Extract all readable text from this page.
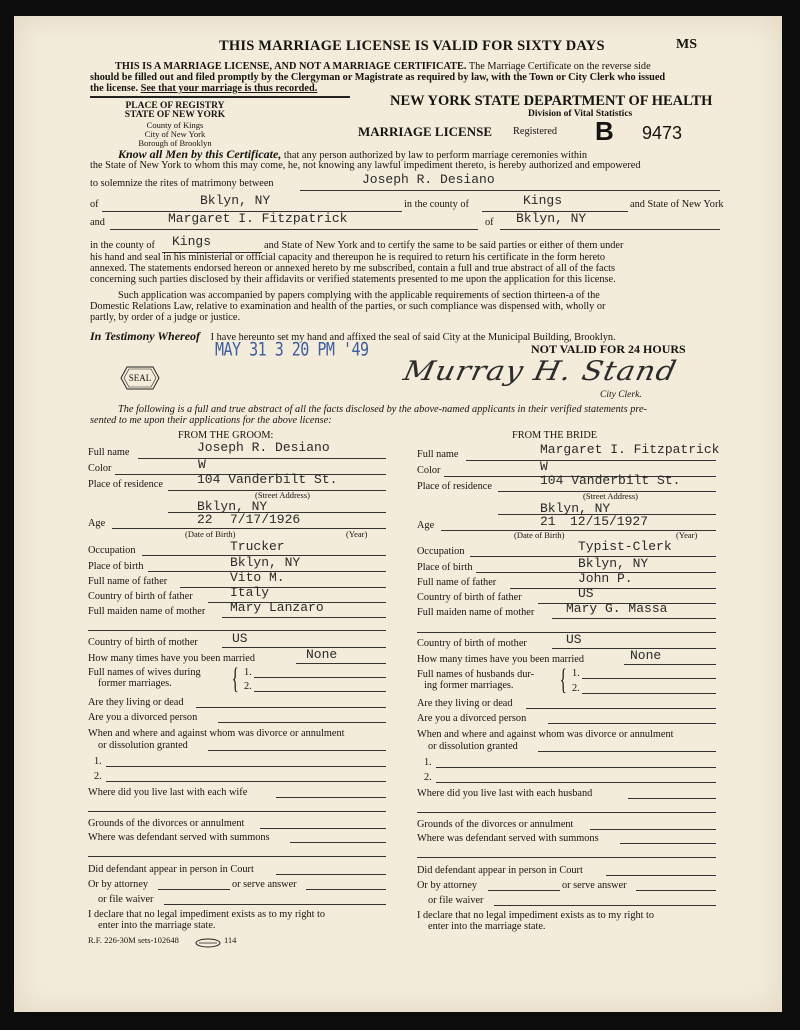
THIS MARRIAGE LICENSE IS VALID FOR SIXTY DAYS	MS
THIS IS A MARRIAGE LICENSE, AND NOT A MARRIAGE CERTIFICATE. The Marriage Certificate on the reverse side
should be filled out and filed promptly by the Clergyman or Magistrate as required by law, with the Town or City Clerk who issued
the license. See that your marriage is thus recorded.
PLACE OF REGISTRY
STATE OF NEW YORK
County of Kings
City of New York
Borough of Brooklyn
NEW YORK STATE DEPARTMENT OF HEALTH
Division of Vital Statistics
MARRIAGE LICENSE Registered B 9473
Know all Men by this Certificate, that any person authorized by law to perform marriage ceremonies within
the State of New York to whom this may come, he, not knowing any lawful impediment thereto, is hereby authorized and empowered
to solemnize the rites of matrimony between	Joseph R. Desiano
of	Bklyn, NY	in the county of	Kings	and State of New York
and	Margaret I. Fitzpatrick	of Bklyn, NY
in the county of Kings	and State of New York and to certify the same to be said parties or either of them under
his hand and seal in his ministerial or official capacity and thereupon he is required to return his certificate in the form hereto
annexed. The statements endorsed hereon or annexed hereto by me subscribed, contain a full and true abstract of all of the facts
concerning such parties disclosed by their affidavits or verified statements presented to me upon the application for this license.
Such application was accompanied by papers complying with the applicable requirements of section thirteen-a of the
Domestic Relations Law, relative to examination and health of the parties, or such compliance was dispensed with, wholly or
partly, by order of a judge or justice.
In Testimony Whereof I have hereunto set my hand and affixed the seal of said City at the Municipal Building, Brooklyn.
NOT VALID FOR 24 HOURS
MAY 31 3 20 PM '49
SEAL	Murray H. Stand
City Clerk.
The following is a full and true abstract of all the facts disclosed by the above-named applicants in their verified statements pre-
sented to me upon their applications for the above license:
FROM THE GROOM:
Full name	Joseph R. Desiano
Color	W
Place of residence	104 Vanderbilt St.
(Street Address)
Bklyn, NY
Age	22 7/17/1926
(Date of Birth)	(Year)
Occupation	Trucker
Place of birth	Bklyn, NY
Full name of father	Vito M.
Country of birth of father	Italy
Full maiden name of mother Mary Lanzaro
Country of birth of mother	US
How many times have you been married	None
Full names of wives during
former marriages. { 1.
2.
Are they living or dead
Are you a divorced person
When and where and against whom was divorce or annulment
or dissolution granted
1.
2.
Where did you live last with each wife
Grounds of the divorces or annulment
Where was defendant served with summons
Did defendant appear in person in Court
Or by attorney	or serve answer
or file waiver
I declare that no legal impediment exists as to my right to
enter into the marriage state.
FROM THE BRIDE
Full name	Margaret I. Fitzpatrick
Color	W
Place of residence	104 Vanderbilt St.
(Street Address)
Bklyn, NY
Age	21 12/15/1927
(Date of Birth)	(Year)
Occupation	Typist-Clerk
Place of birth	Bklyn, NY
Full name of father	John P.
Country of birth of father	US
Full maiden name of mother Mary G. Massa
Country of birth of mother	US
How many times have you been married	None
Full names of husbands dur-
ing former marriages. { 1.
2.
Are they living or dead
Are you a divorced person
When and where and against whom was divorce or annulment
or dissolution granted
1.
2.
Where did you live last with each husband
Grounds of the divorces or annulment
Where was defendant served with summons
Did defendant appear in person in Court
Or by attorney	or serve answer
or file waiver
I declare that no legal impediment exists as to my right to
enter into the marriage state.
R.F. 226-30M sets-102648	114
